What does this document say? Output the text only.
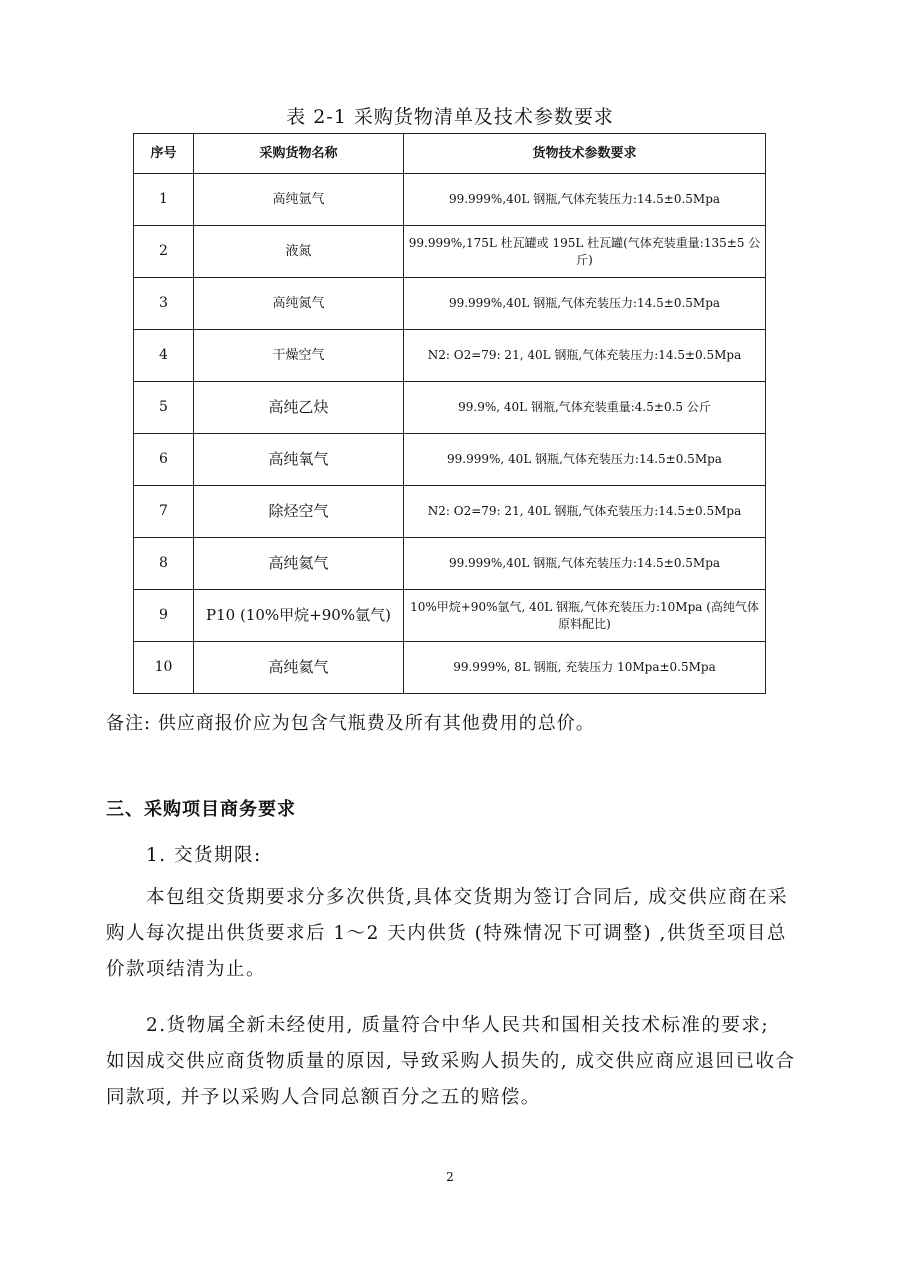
表 2-1 采购货物清单及技术参数要求
序号	采购货物名称	货物技术参数要求
1	高纯氩气	99.999%,40L 钢瓶,气体充装压力:14.5±0.5Mpa
2	液氮	99.999%,175L 杜瓦罐或 195L 杜瓦罐(气体充装重量:135±5 公斤)
3	高纯氮气	99.999%,40L 钢瓶,气体充装压力:14.5±0.5Mpa
4	干燥空气	N2: O2=79: 21, 40L 钢瓶,气体充装压力:14.5±0.5Mpa
5	高纯乙炔	99.9%, 40L 钢瓶,气体充装重量:4.5±0.5 公斤
6	高纯氧气	99.999%, 40L 钢瓶,气体充装压力:14.5±0.5Mpa
7	除烃空气	N2: O2=79: 21, 40L 钢瓶,气体充装压力:14.5±0.5Mpa
8	高纯氦气	99.999%,40L 钢瓶,气体充装压力:14.5±0.5Mpa
9	P10 (10%甲烷+90%氩气)	10%甲烷+90%氩气, 40L 钢瓶,气体充装压力:10Mpa (高纯气体原料配比)
10	高纯氦气	99.999%, 8L 钢瓶, 充装压力 10Mpa±0.5Mpa
备注: 供应商报价应为包含气瓶费及所有其他费用的总价。
三、采购项目商务要求
1. 交货期限:
本包组交货期要求分多次供货,具体交货期为签订合同后, 成交供应商在采购人每次提出供货要求后 1～2 天内供货 (特殊情况下可调整) ,供货至项目总价款项结清为止。
2.货物属全新未经使用, 质量符合中华人民共和国相关技术标准的要求; 如因成交供应商货物质量的原因, 导致采购人损失的, 成交供应商应退回已收合同款项, 并予以采购人合同总额百分之五的赔偿。
2
